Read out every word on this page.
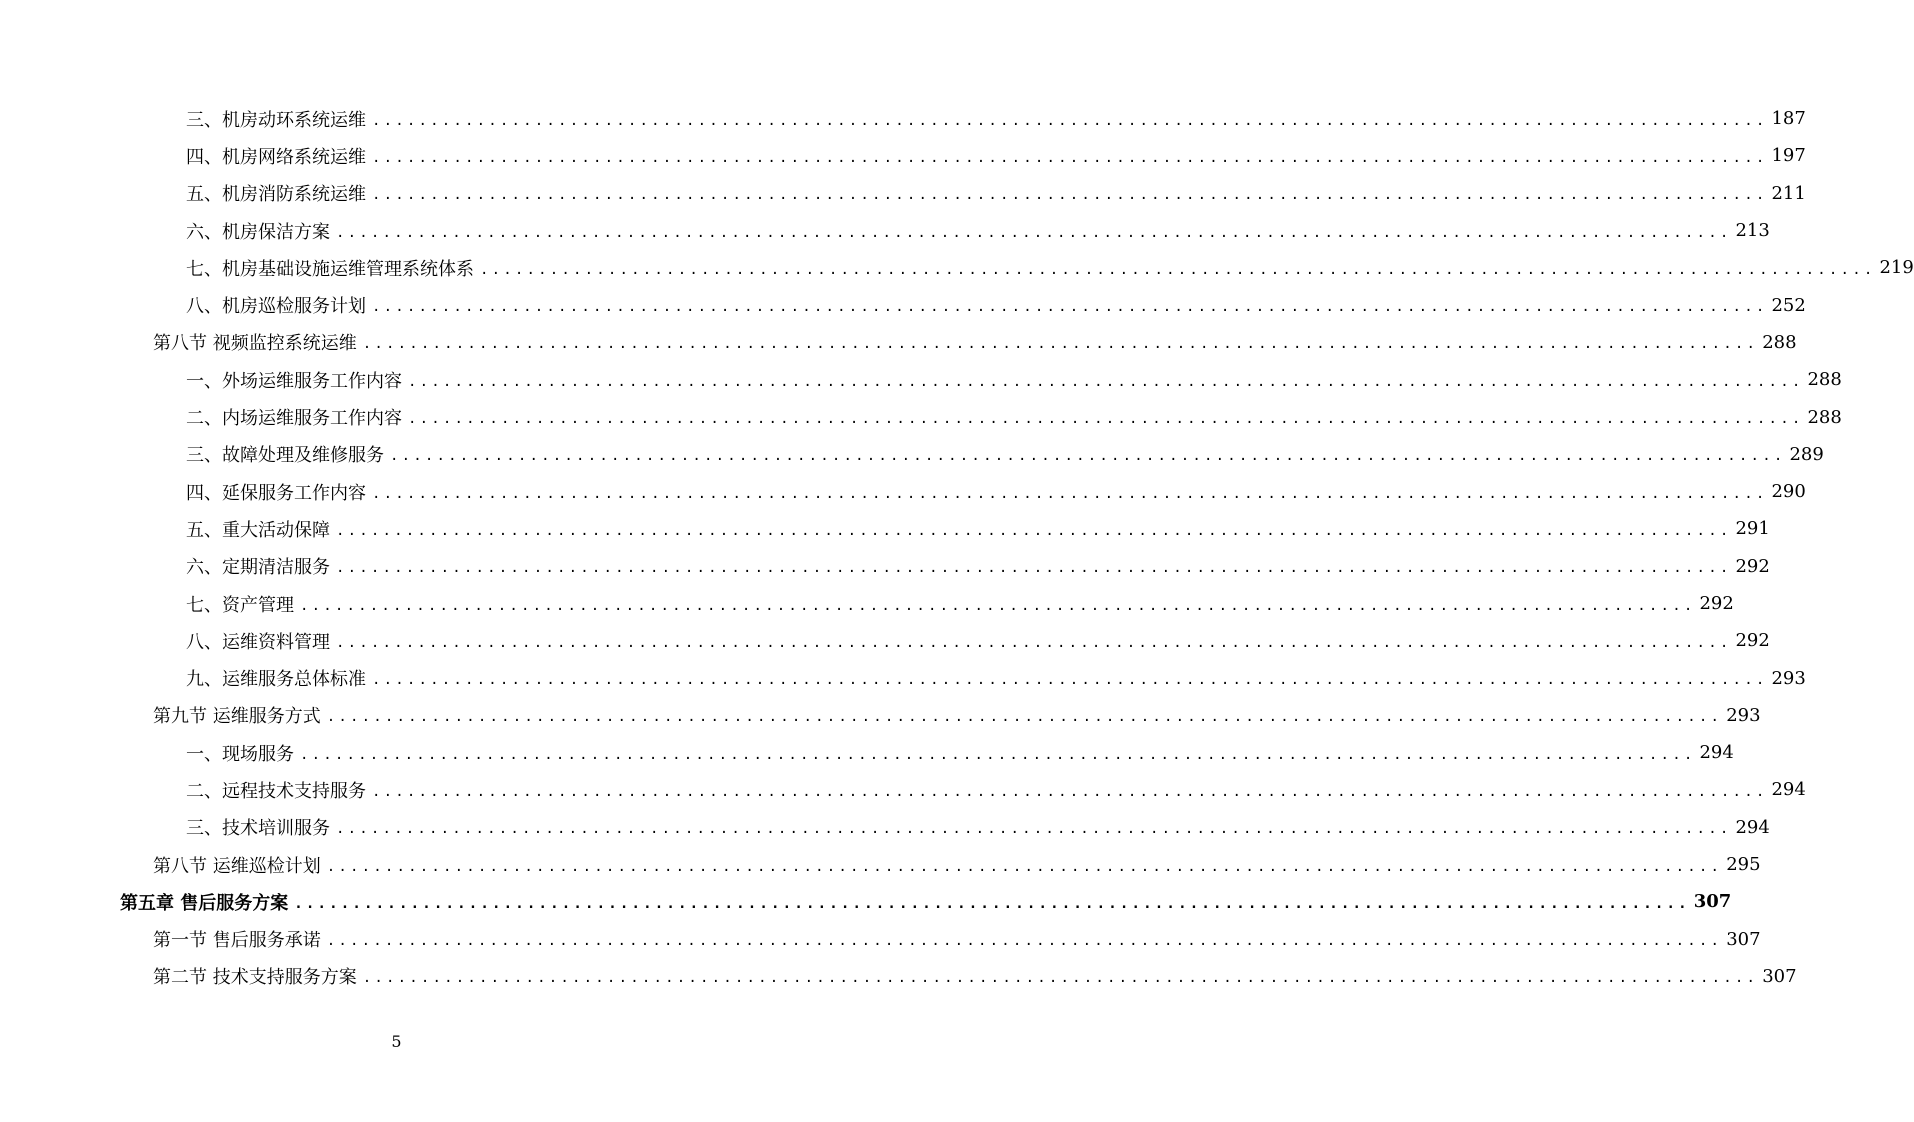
三、机房动环系统运维 ........................................................................................................................ 187
四、机房网络系统运维 ........................................................................................................................ 197
五、机房消防系统运维 ........................................................................................................................ 211
六、机房保洁方案 ........................................................................................................................ 213
七、机房基础设施运维管理系统体系 ........................................................................................................................ 219
八、机房巡检服务计划 ........................................................................................................................ 252
第八节 视频监控系统运维 ........................................................................................................................ 288
一、外场运维服务工作内容 ........................................................................................................................ 288
二、内场运维服务工作内容 ........................................................................................................................ 288
三、故障处理及维修服务 ........................................................................................................................ 289
四、延保服务工作内容 ........................................................................................................................ 290
五、重大活动保障 ........................................................................................................................ 291
六、定期清洁服务 ........................................................................................................................ 292
七、资产管理 ........................................................................................................................ 292
八、运维资料管理 ........................................................................................................................ 292
九、运维服务总体标准 ........................................................................................................................ 293
第九节 运维服务方式 ........................................................................................................................ 293
一、现场服务 ........................................................................................................................ 294
二、远程技术支持服务 ........................................................................................................................ 294
三、技术培训服务 ........................................................................................................................ 294
第八节 运维巡检计划 ........................................................................................................................ 295
第五章 售后服务方案 ........................................................................................................................ 307
第一节 售后服务承诺 ........................................................................................................................ 307
第二节 技术支持服务方案 ........................................................................................................................ 307
5
